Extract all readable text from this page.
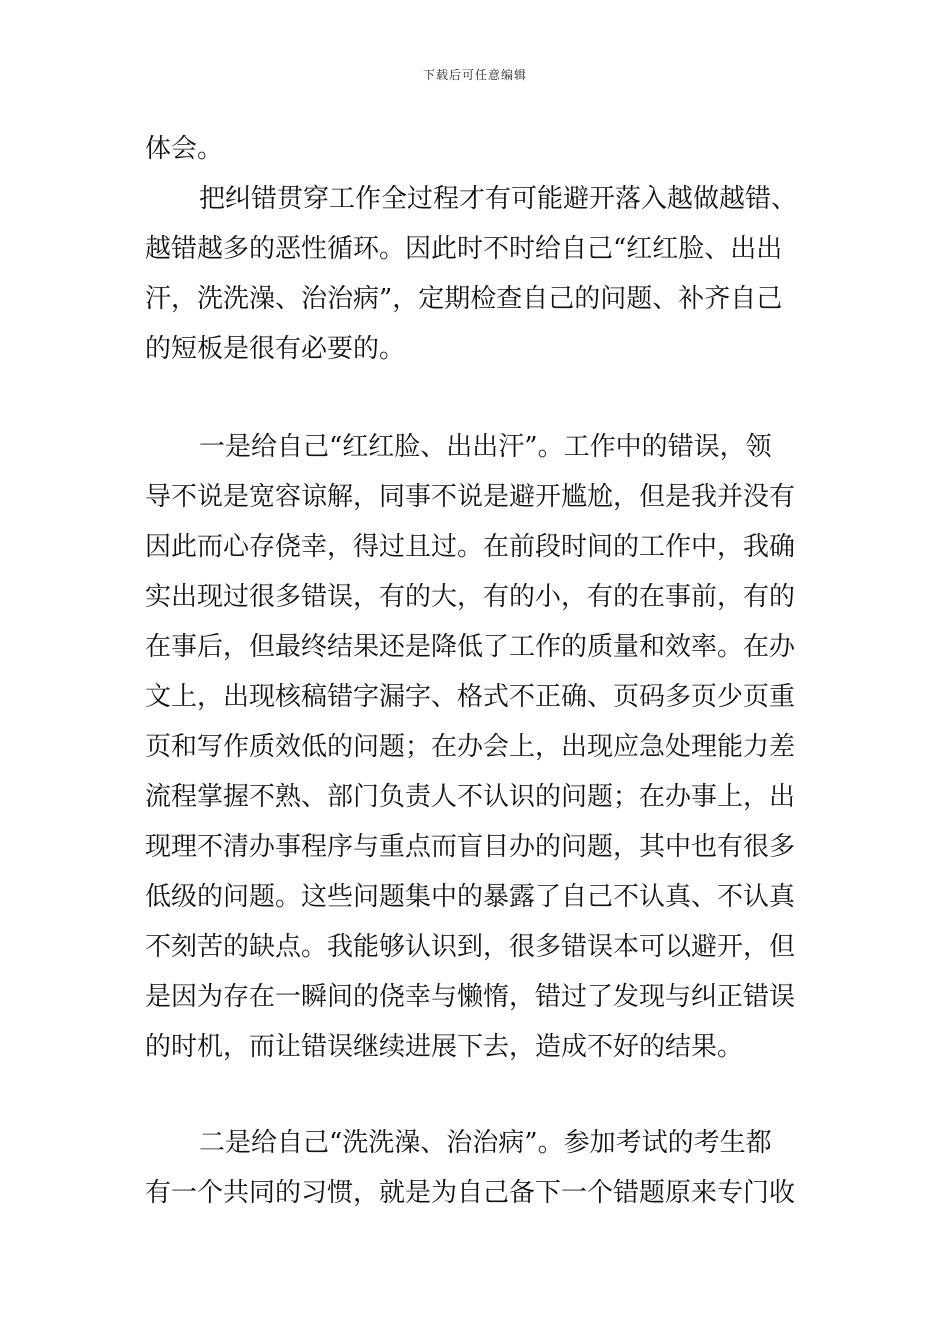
下载后可任意编辑
体会。
把纠错贯穿工作全过程才有可能避开落入越做越错、
越错越多的恶性循环。因此时不时给自己“红红脸、出出
汗，洗洗澡、治治病”，定期检查自己的问题、补齐自己
的短板是很有必要的。
一是给自己“红红脸、出出汗”。工作中的错误，领
导不说是宽容谅解，同事不说是避开尴尬，但是我并没有
因此而心存侥幸，得过且过。在前段时间的工作中，我确
实出现过很多错误，有的大，有的小，有的在事前，有的
在事后，但最终结果还是降低了工作的质量和效率。在办
文上，出现核稿错字漏字、格式不正确、页码多页少页重
页和写作质效低的问题；在办会上，出现应急处理能力差
流程掌握不熟、部门负责人不认识的问题；在办事上，出
现理不清办事程序与重点而盲目办的问题，其中也有很多
低级的问题。这些问题集中的暴露了自己不认真、不认真
不刻苦的缺点。我能够认识到，很多错误本可以避开，但
是因为存在一瞬间的侥幸与懒惰，错过了发现与纠正错误
的时机，而让错误继续进展下去，造成不好的结果。
二是给自己“洗洗澡、治治病”。参加考试的考生都
有一个共同的习惯，就是为自己备下一个错题原来专门收
